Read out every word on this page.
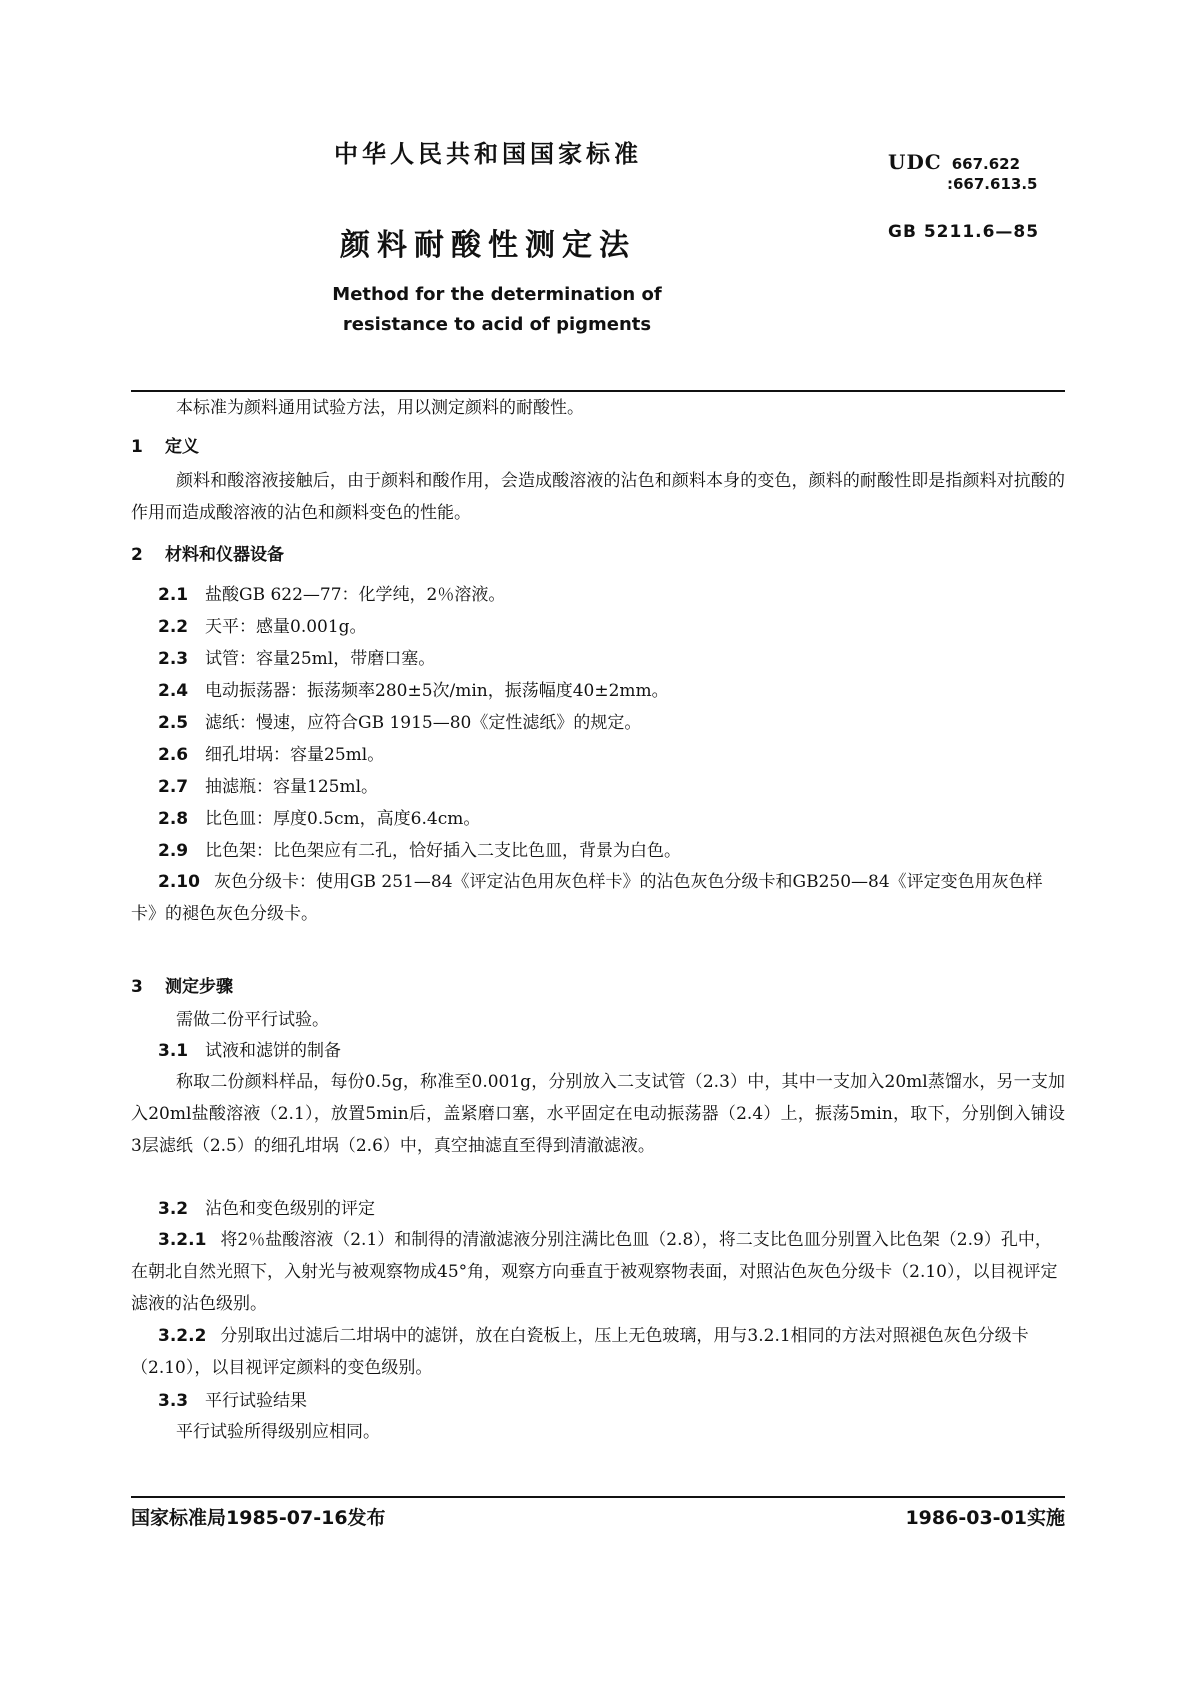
中华人民共和国国家标准	UDC 667.622
:667.613.5
颜料耐酸性测定法	GB 5211.6—85
Method for the determination of resistance to acid of pigments
本标准为颜料通用试验方法，用以测定颜料的耐酸性。
1 定义
颜料和酸溶液接触后，由于颜料和酸作用，会造成酸溶液的沾色和颜料本身的变色，颜料的耐酸性即是指颜料对抗酸的作用而造成酸溶液的沾色和颜料变色的性能。
2 材料和仪器设备
2.1 盐酸GB 622—77：化学纯，2％溶液。
2.2 天平：感量0.001g。
2.3 试管：容量25ml，带磨口塞。
2.4 电动振荡器：振荡频率280±5次/min，振荡幅度40±2mm。
2.5 滤纸：慢速，应符合GB 1915—80《定性滤纸》的规定。
2.6 细孔坩埚：容量25ml。
2.7 抽滤瓶：容量125ml。
2.8 比色皿：厚度0.5cm，高度6.4cm。
2.9 比色架：比色架应有二孔，恰好插入二支比色皿，背景为白色。
2.10 灰色分级卡：使用GB 251—84《评定沾色用灰色样卡》的沾色灰色分级卡和GB250—84《评定变色用灰色样卡》的褪色灰色分级卡。
3 测定步骤
需做二份平行试验。
3.1 试液和滤饼的制备
称取二份颜料样品，每份0.5g，称准至0.001g，分别放入二支试管（2.3）中，其中一支加入20ml蒸馏水，另一支加入20ml盐酸溶液（2.1），放置5min后，盖紧磨口塞，水平固定在电动振荡器（2.4）上，振荡5min，取下，分别倒入铺设3层滤纸（2.5）的细孔坩埚（2.6）中，真空抽滤直至得到清澈滤液。
3.2 沾色和变色级别的评定
3.2.1 将2％盐酸溶液（2.1）和制得的清澈滤液分别注满比色皿（2.8），将二支比色皿分别置入比色架（2.9）孔中，在朝北自然光照下，入射光与被观察物成45°角，观察方向垂直于被观察物表面，对照沾色灰色分级卡（2.10），以目视评定滤液的沾色级别。
3.2.2 分别取出过滤后二坩埚中的滤饼，放在白瓷板上，压上无色玻璃，用与3.2.1相同的方法对照褪色灰色分级卡（2.10），以目视评定颜料的变色级别。
3.3 平行试验结果
平行试验所得级别应相同。
国家标准局1985-07-16发布	1986-03-01实施
